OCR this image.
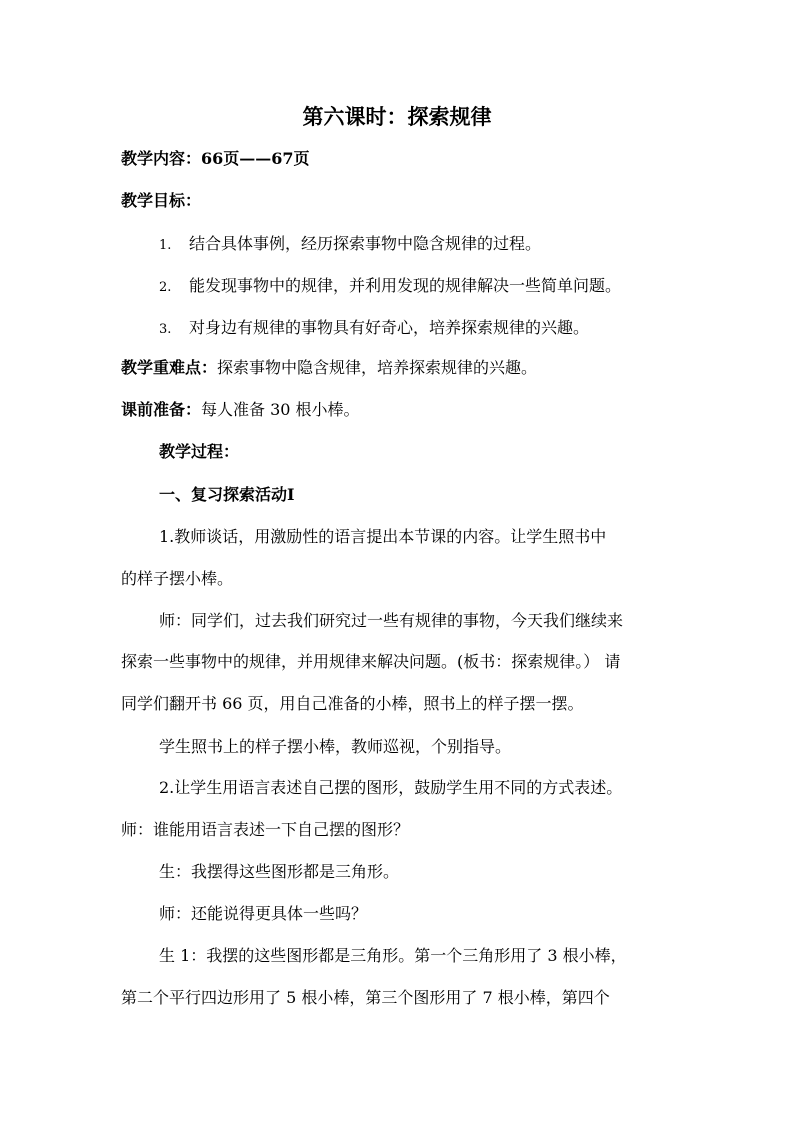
第六课时：探索规律
教学内容：66页——67页
教学目标：
1. 结合具体事例，经历探索事物中隐含规律的过程。
2. 能发现事物中的规律，并利用发现的规律解决一些简单问题。
3. 对身边有规律的事物具有好奇心，培养探索规律的兴趣。
教学重难点：探索事物中隐含规律，培养探索规律的兴趣。
课前准备：每人准备 30 根小棒。
教学过程：
一、复习探索活动Ⅰ
1.教师谈话，用激励性的语言提出本节课的内容。让学生照书中
的样子摆小棒。
师：同学们，过去我们研究过一些有规律的事物，今天我们继续来
探索一些事物中的规律，并用规律来解决问题。(板书：探索规律。） 请
同学们翻开书 66 页，用自己准备的小棒，照书上的样子摆一摆。
学生照书上的样子摆小棒，教师巡视，个别指导。
2.让学生用语言表述自己摆的图形，鼓励学生用不同的方式表述。
师：谁能用语言表述一下自己摆的图形？
生：我摆得这些图形都是三角形。
师：还能说得更具体一些吗？
生 1：我摆的这些图形都是三角形。第一个三角形用了 3 根小棒，
第二个平行四边形用了 5 根小棒，第三个图形用了 7 根小棒，第四个
